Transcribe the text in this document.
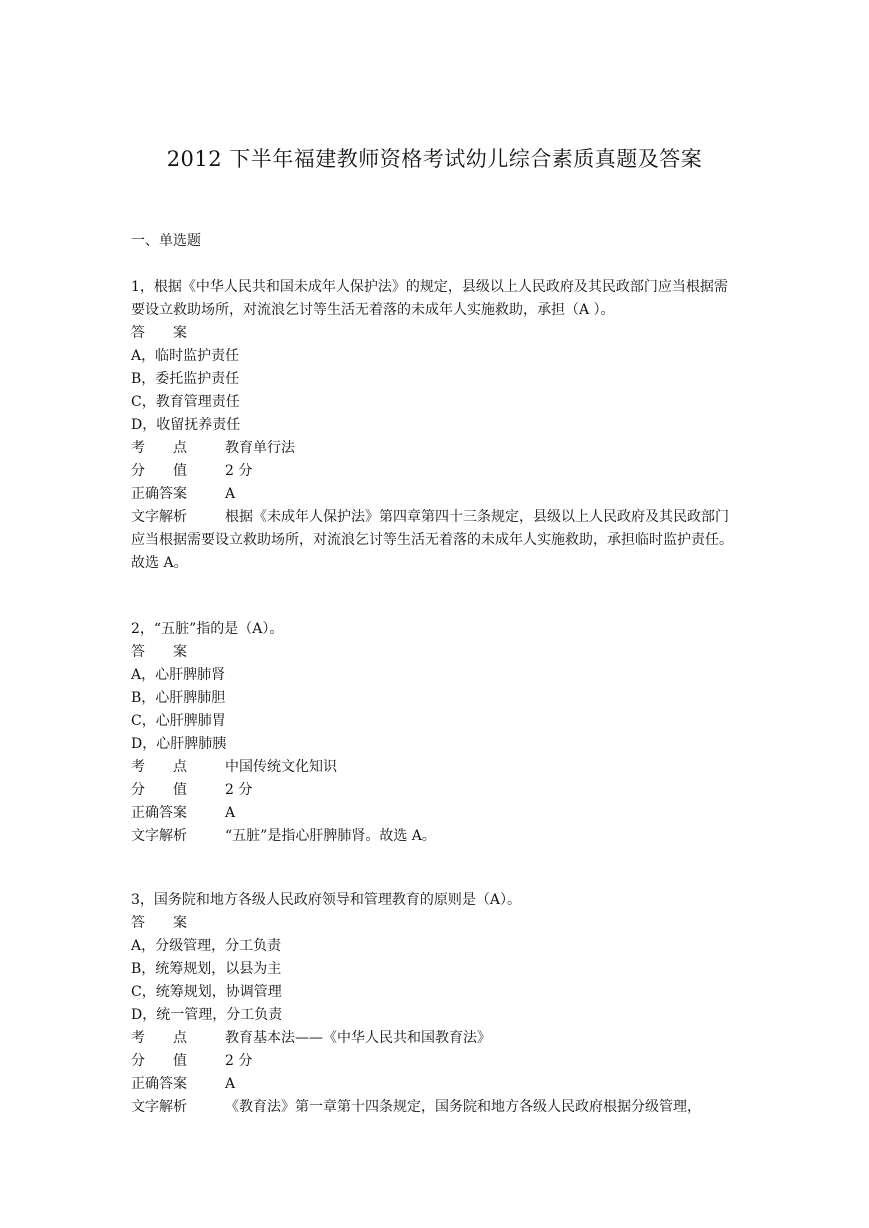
2012 下半年福建教师资格考试幼儿综合素质真题及答案
一、单选题
1，根据《中华人民共和国未成年人保护法》的规定，县级以上人民政府及其民政部门应当根据需要设立救助场所，对流浪乞讨等生活无着落的未成年人实施救助，承担（A ）。
答 案
A，临时监护责任
B，委托监护责任
C，教育管理责任
D，收留抚养责任
考 点	教育单行法
分 值	2 分
正确答案	A
文字解析	根据《未成年人保护法》第四章第四十三条规定，县级以上人民政府及其民政部门应当根据需要设立救助场所，对流浪乞讨等生活无着落的未成年人实施救助，承担临时监护责任。故选 A。
2，“五脏”指的是（A）。
答 案
A，心肝脾肺肾
B，心肝脾肺胆
C，心肝脾肺胃
D，心肝脾肺胰
考 点	中国传统文化知识
分 值	2 分
正确答案	A
文字解析	“五脏”是指心肝脾肺肾。故选 A。
3，国务院和地方各级人民政府领导和管理教育的原则是（A）。
答 案
A，分级管理，分工负责
B，统筹规划，以县为主
C，统筹规划，协调管理
D，统一管理，分工负责
考 点	教育基本法——《中华人民共和国教育法》
分 值	2 分
正确答案	A
文字解析	《教育法》第一章第十四条规定，国务院和地方各级人民政府根据分级管理，
